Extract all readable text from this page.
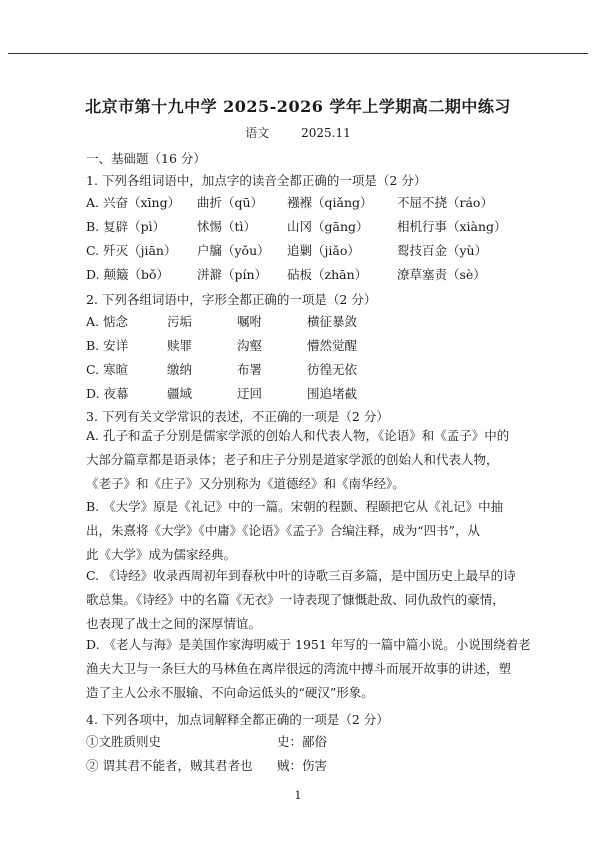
北京市第十九中学 2025-2026 学年上学期高二期中练习
语文	2025.11
一、基础题（16 分）
1. 下列各组词语中，加点字的读音全都正确的一项是（2 分）
A. 兴奋（xīng） 曲折（qū） 襁褓（qiǎng） 不屈不挠（ráo）
B. 复辟（pì）	怵惕（tì） 山冈（gāng） 相机行事（xiàng）
C. 歼灭（jiān） 户牖（yǒu） 追剿（jiǎo）	䴕技百金（yù）
D. 颠簸（bǒ） 洴澼（pín） 砧板（zhān） 潦草塞责（sè）
2. 下列各组词语中，字形全都正确的一项是（2 分）
A. 惦念	污垢	嘱咐	横征暴敛
B. 安详	赎罪	沟壑	懵然觉醒
C. 寒暄	缴纳	布署	彷徨无依
D. 夜幕	疆域	迂回	围追堵截
3. 下列有关文学常识的表述，不正确的一项是（2 分）
A. 孔子和孟子分别是儒家学派的创始人和代表人物，《论语》和《孟子》中的
大部分篇章都是语录体；老子和庄子分别是道家学派的创始人和代表人物，
《老子》和《庄子》又分别称为《道德经》和《南华经》。
B. 《大学》原是《礼记》中的一篇。宋朝的程颢、程颐把它从《礼记》中抽
出，朱熹将《大学》《中庸》《论语》《孟子》合编注释，成为“四书”，从
此《大学》成为儒家经典。
C. 《诗经》收录西周初年到春秋中叶的诗歌三百多篇，是中国历史上最早的诗
歌总集。《诗经》中的名篇《无衣》一诗表现了慷慨赴敌、同仇敌忾的豪情，
也表现了战士之间的深厚情谊。
D. 《老人与海》是美国作家海明威于 1951 年写的一篇中篇小说。小说围绕着老
渔夫大卫与一条巨大的马林鱼在离岸很远的湾流中搏斗而展开故事的讲述，塑
造了主人公永不服输、不向命运低头的“硬汉”形象。
4. 下列各项中，加点词解释全都正确的一项是（2 分）
①文胜质则史	史：鄙俗
② 谓其君不能者，贼其君者也 贼：伤害
1
